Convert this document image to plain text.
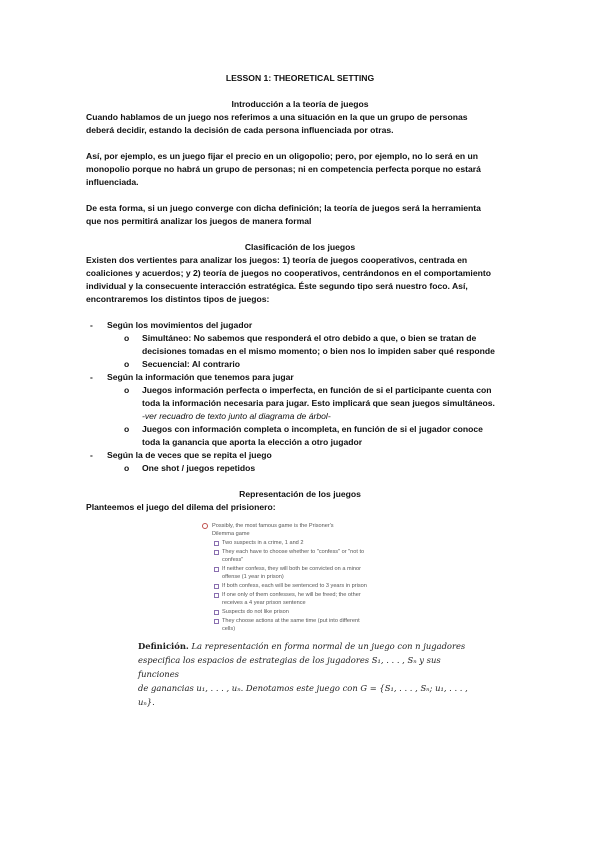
LESSON 1: THEORETICAL SETTING
Introducción a la teoría de juegos
Cuando hablamos de un juego nos referimos a una situación en la que un grupo de personas
deberá decidir, estando la decisión de cada persona influenciada por otras.
Así, por ejemplo, es un juego fijar el precio en un oligopolio; pero, por ejemplo, no lo será en un
monopolio porque no habrá un grupo de personas; ni en competencia perfecta porque no estará
influenciada.
De esta forma, si un juego converge con dicha definición; la teoría de juegos será la herramienta
que nos permitirá analizar los juegos de manera formal
Clasificación de los juegos
Existen dos vertientes para analizar los juegos: 1) teoría de juegos cooperativos, centrada en
coaliciones y acuerdos; y 2) teoría de juegos no cooperativos, centrándonos en el comportamiento
individual y la consecuente interacción estratégica. Éste segundo tipo será nuestro foco. Así,
encontraremos los distintos tipos de juegos:
- Según los movimientos del jugador
o Simultáneo: No sabemos que responderá el otro debido a que, o bien se tratan de
decisiones tomadas en el mismo momento; o bien nos lo impiden saber qué responde
o Secuencial: Al contrario
- Según la información que tenemos para jugar
o Juegos información perfecta o imperfecta, en función de si el participante cuenta con
toda la información necesaria para jugar. Esto implicará que sean juegos simultáneos.
-ver recuadro de texto junto al diagrama de árbol-
o Juegos con información completa o incompleta, en función de si el jugador conoce
toda la ganancia que aporta la elección a otro jugador
- Según la de veces que se repita el juego
o One shot / juegos repetidos
Representación de los juegos
Planteemos el juego del dilema del prisionero:
Possibly, the most famous game is the Prisoner's
Dilemma game
Two suspects in a crime, 1 and 2
They each have to choose whether to "confess" or "not to
confess"
If neither confess, they will both be convicted on a minor
offense (1 year in prison)
If both confess, each will be sentenced to 3 years in prison
If one only of them confesses, he will be freed; the other
receives a 4 year prison sentence
Suspects do not like prison
They choose actions at the same time (put into different
cells)
Definición. La representación en forma normal de un juego con n jugadores
especifica los espacios de estrategias de los jugadores S₁, . . . , Sₙ y sus funciones
de ganancias u₁, . . . , uₙ. Denotamos este juego con G = {S₁, . . . , Sₙ; u₁, . . . , uₙ}.
